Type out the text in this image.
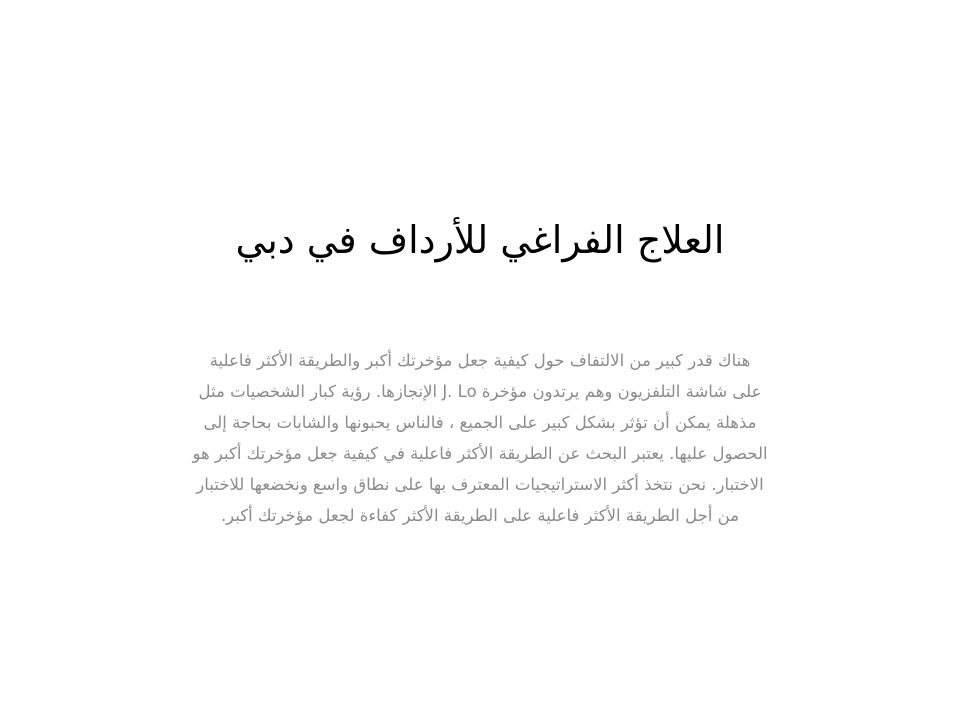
العلاج الفراغي للأرداف في دبي
هناك قدر كبير من الالتفاف حول كيفية جعل مؤخرتك أكبر والطريقة الأكثر فاعلية
على شاشة التلفزيون وهم يرتدون مؤخرة J. Lo الإنجازها. رؤية كبار الشخصيات مثل
مذهلة يمكن أن تؤثر بشكل كبير على الجميع ، فالناس يحبونها والشابات بحاجة إلى
الحصول عليها. يعتبر البحث عن الطريقة الأكثر فاعلية في كيفية جعل مؤخرتك أكبر هو
الاختبار. نحن نتخذ أكثر الاستراتيجيات المعترف بها على نطاق واسع ونخضعها للاختبار
من أجل الطريقة الأكثر فاعلية على الطريقة الأكثر كفاءة لجعل مؤخرتك أكبر.
